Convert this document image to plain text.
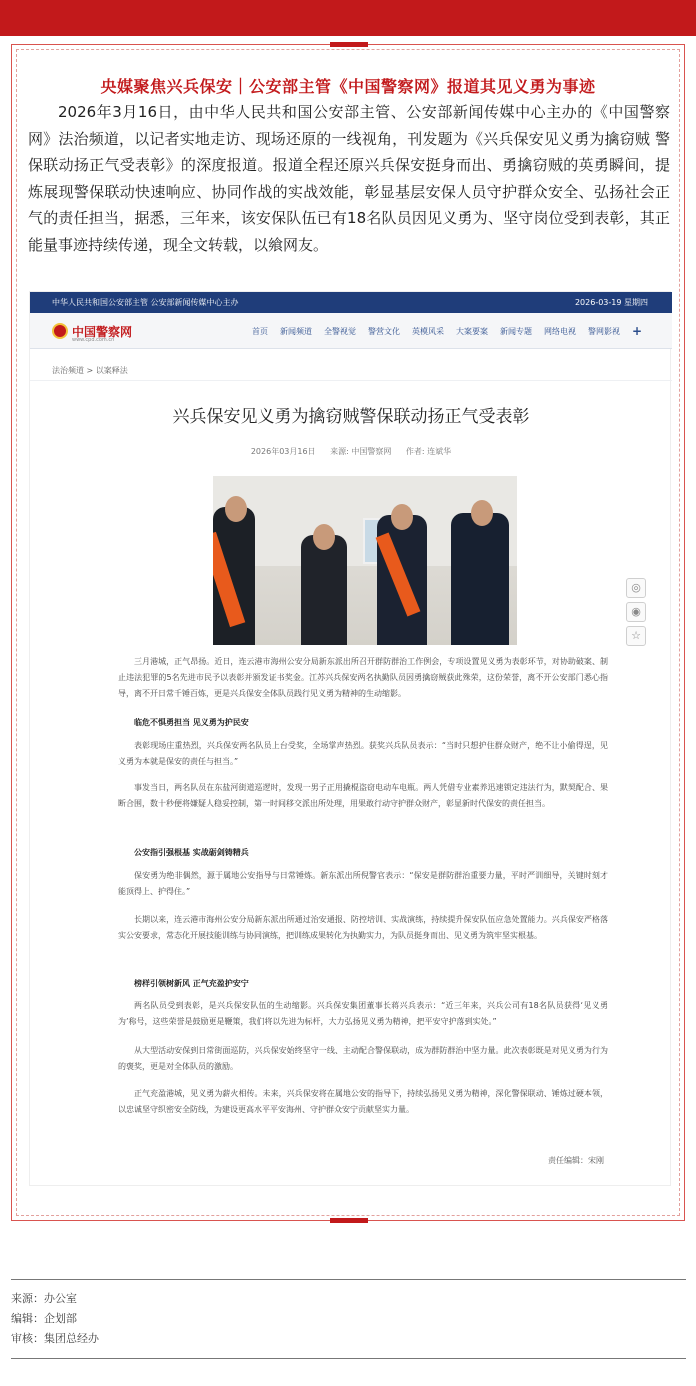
央媒聚焦兴兵保安｜公安部主管《中国警察网》报道其见义勇为事迹
2026年3月16日，由中华人民共和国公安部主管、公安部新闻传媒中心主办的《中国警察网》法治频道，以记者实地走访、现场还原的一线视角，刊发题为《兴兵保安见义勇为擒窃贼 警保联动扬正气受表彰》的深度报道。报道全程还原兴兵保安挺身而出、勇擒窃贼的英勇瞬间，提炼展现警保联动快速响应、协同作战的实战效能，彰显基层安保人员守护群众安全、弘扬社会正气的责任担当，据悉，三年来，该安保队伍已有18名队员因见义勇为、坚守岗位受到表彰，其正能量事迹持续传递，现全文转载，以飨网友。
中华人民共和国公安部主管 公安部新闻传媒中心主办	2026-03-19 星期四
中国警察网
www.cpd.com.cn
首页 新闻频道 全警视觉 警营文化 英模风采 大案要案 新闻专题 网络电视 警网影视 +
法治频道 > 以案释法
兴兵保安见义勇为擒窃贼警保联动扬正气受表彰
2026年03月16日 来源: 中国警察网 作者: 连斌华
◎
◉
☆
三月港城，正气昂扬。近日，连云港市海州公安分局新东派出所召开群防群治工作例会，专项设置见义勇为表彰环节，对协助破案、制止违法犯罪的5名先进市民予以表彰并颁发证书奖金。江苏兴兵保安两名执勤队员因勇擒窃贼获此殊荣，这份荣誉，离不开公安部门悉心指导，离不开日常千锤百炼，更是兴兵保安全体队员践行见义勇为精神的生动缩影。
临危不惧勇担当 见义勇为护民安
表彰现场庄重热烈，兴兵保安两名队员上台受奖，全场掌声热烈。获奖兴兵队员表示：“当时只想护住群众财产，绝不让小偷得逞，见义勇为本就是保安的责任与担当。”
事发当日，两名队员在东盐河街道巡逻时，发现一男子正用撬棍盗窃电动车电瓶。两人凭借专业素养迅速锁定违法行为，默契配合、果断合围，数十秒便将嫌疑人稳妥控制，第一时间移交派出所处理，用果敢行动守护群众财产，彰显新时代保安的责任担当。
公安指引强根基 实战砺剑铸精兵
保安勇为绝非偶然，源于属地公安指导与日常锤炼。新东派出所倪警官表示：“保安是群防群治重要力量，平时严训细导，关键时刻才能顶得上、护得住。”
长期以来，连云港市海州公安分局新东派出所通过治安通报、防控培训、实战演练，持续提升保安队伍应急处置能力。兴兵保安严格落实公安要求，常态化开展技能训练与协同演练，把训练成果转化为执勤实力，为队员挺身而出、见义勇为筑牢坚实根基。
榜样引领树新风 正气充盈护安宁
两名队员受到表彰，是兴兵保安队伍的生动缩影。兴兵保安集团董事长蒋兴兵表示：“近三年来，兴兵公司有18名队员获得‘见义勇为’称号，这些荣誉是鼓励更是鞭策，我们将以先进为标杆，大力弘扬见义勇为精神，把平安守护落到实处。”
从大型活动安保到日常街面巡防，兴兵保安始终坚守一线、主动配合警保联动，成为群防群治中坚力量。此次表彰既是对见义勇为行为的褒奖，更是对全体队员的激励。
正气充盈港城，见义勇为薪火相传。未来，兴兵保安将在属地公安的指导下，持续弘扬见义勇为精神，深化警保联动、锤炼过硬本领，以忠诚坚守织密安全防线，为建设更高水平平安海州、守护群众安宁贡献坚实力量。
责任编辑：宋刚
来源：办公室
编辑：企划部
审核：集团总经办
